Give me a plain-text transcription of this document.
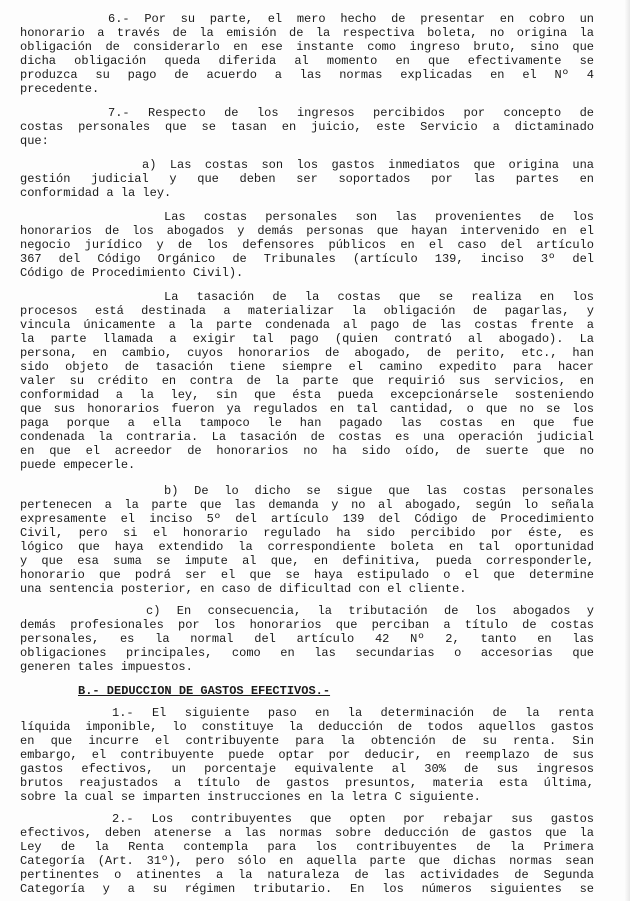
6.- Por su parte, el mero hecho de presentar en cobro un
honorario a través de la emisión de la respectiva boleta, no origina la
obligación de considerarlo en ese instante como ingreso bruto, sino que
dicha obligación queda diferida al momento en que efectivamente se
produzca su pago de acuerdo a las normas explicadas en el Nº 4
precedente.
7.- Respecto de los ingresos percibidos por concepto de
costas personales que se tasan en juicio, este Servicio a dictaminado
que:
a) Las costas son los gastos inmediatos que origina una
gestión judicial y que deben ser soportados por las partes en
conformidad a la ley.
Las costas personales son las provenientes de los
honorarios de los abogados y demás personas que hayan intervenido en el
negocio jurídico y de los defensores públicos en el caso del artículo
367 del Código Orgánico de Tribunales (artículo 139, inciso 3º del
Código de Procedimiento Civil).
La tasación de la costas que se realiza en los
procesos está destinada a materializar la obligación de pagarlas, y
vincula únicamente a la parte condenada al pago de las costas frente a
la parte llamada a exigir tal pago (quien contrató al abogado). La
persona, en cambio, cuyos honorarios de abogado, de perito, etc., han
sido objeto de tasación tiene siempre el camino expedito para hacer
valer su crédito en contra de la parte que requirió sus servicios, en
conformidad a la ley, sin que ésta pueda excepcionársele sosteniendo
que sus honorarios fueron ya regulados en tal cantidad, o que no se los
paga porque a ella tampoco le han pagado las costas en que fue
condenada la contraria. La tasación de costas es una operación judicial
en que el acreedor de honorarios no ha sido oído, de suerte que no
puede empecerle.
b) De lo dicho se sigue que las costas personales
pertenecen a la parte que las demanda y no al abogado, según lo señala
expresamente el inciso 5º del artículo 139 del Código de Procedimiento
Civil, pero si el honorario regulado ha sido percibido por éste, es
lógico que haya extendido la correspondiente boleta en tal oportunidad
y que esa suma se impute al que, en definitiva, pueda corresponderle,
honorario que podrá ser el que se haya estipulado o el que determine
una sentencia posterior, en caso de dificultad con el cliente.
c) En consecuencia, la tributación de los abogados y
demás profesionales por los honorarios que perciban a título de costas
personales, es la normal del artículo 42 Nº 2, tanto en las
obligaciones principales, como en las secundarias o accesorias que
generen tales impuestos.
B.- DEDUCCION DE GASTOS EFECTIVOS.-
1.- El siguiente paso en la determinación de la renta
líquida imponible, lo constituye la deducción de todos aquellos gastos
en que incurre el contribuyente para la obtención de su renta. Sin
embargo, el contribuyente puede optar por deducir, en reemplazo de sus
gastos efectivos, un porcentaje equivalente al 30% de sus ingresos
brutos reajustados a título de gastos presuntos, materia esta última,
sobre la cual se imparten instrucciones en la letra C siguiente.
2.- Los contribuyentes que opten por rebajar sus gastos
efectivos, deben atenerse a las normas sobre deducción de gastos que la
Ley de la Renta contempla para los contribuyentes de la Primera
Categoría (Art. 31º), pero sólo en aquella parte que dichas normas sean
pertinentes o atinentes a la naturaleza de las actividades de Segunda
Categoría y a su régimen tributario. En los números siguientes se
